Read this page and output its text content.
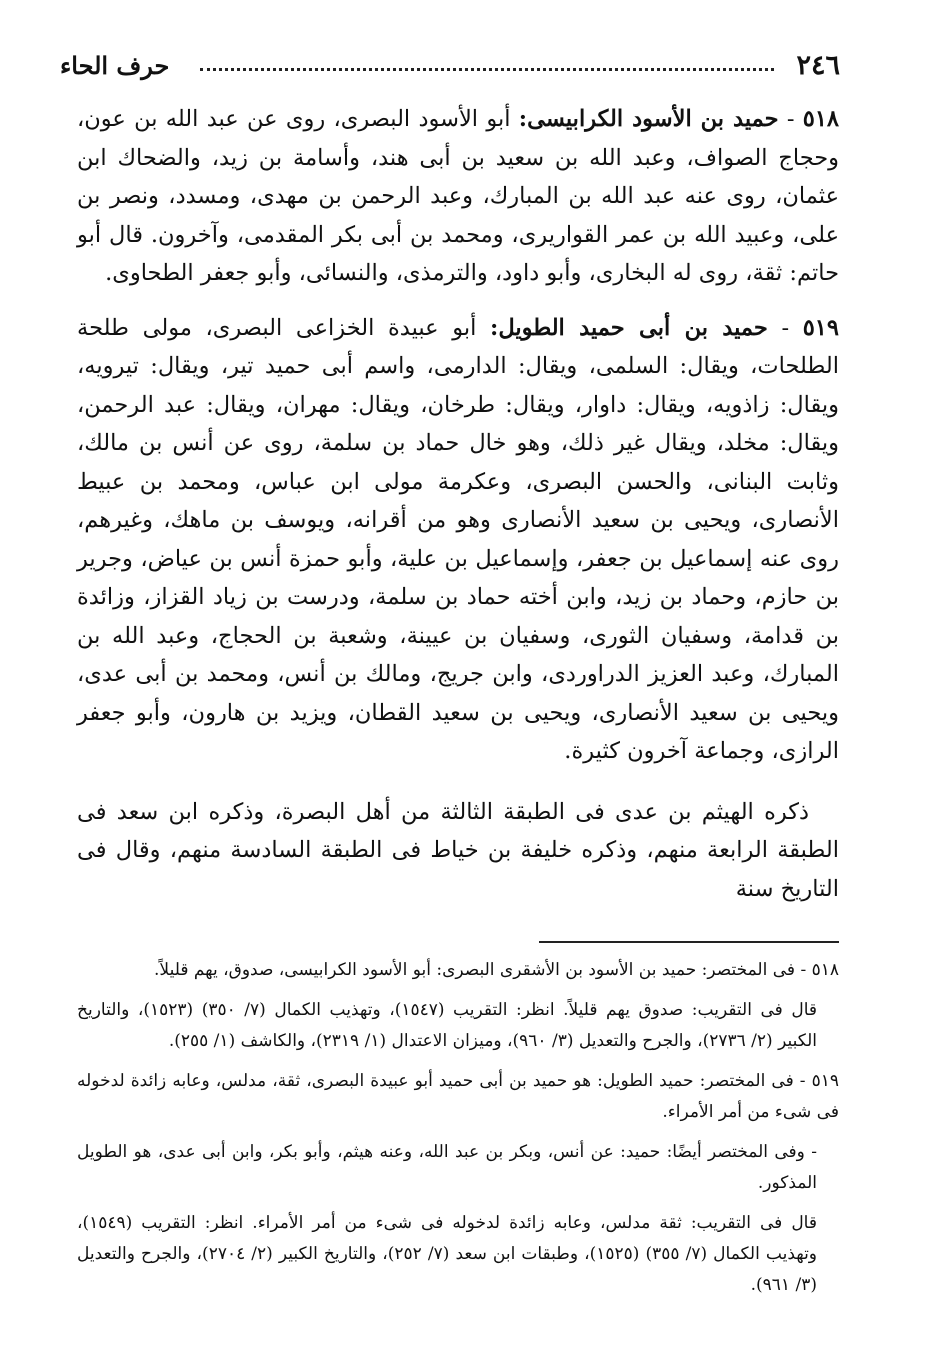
٢٤٦
حرف الحاء

٥١٨ - حميد بن الأسود الكرابيسى: أبو الأسود البصرى، روى عن عبد الله بن عون، وحجاج الصواف، وعبد الله بن سعيد بن أبى هند، وأسامة بن زيد، والضحاك ابن عثمان، روى عنه عبد الله بن المبارك، وعبد الرحمن بن مهدى، ومسدد، ونصر بن على، وعبيد الله بن عمر القواريرى، ومحمد بن أبى بكر المقدمى، وآخرون. قال أبو حاتم: ثقة، روى له البخارى، وأبو داود، والترمذى، والنسائى، وأبو جعفر الطحاوى.

٥١٩ - حميد بن أبى حميد الطويل: أبو عبيدة الخزاعى البصرى، مولى طلحة الطلحات، ويقال: السلمى، ويقال: الدارمى، واسم أبى حميد تير، ويقال: تيرويه، ويقال: زاذويه، ويقال: داوار، ويقال: طرخان، ويقال: مهران، ويقال: عبد الرحمن، ويقال: مخلد، ويقال غير ذلك، وهو خال حماد بن سلمة، روى عن أنس بن مالك، وثابت البنانى، والحسن البصرى، وعكرمة مولى ابن عباس، ومحمد بن عبيط الأنصارى، ويحيى بن سعيد الأنصارى وهو من أقرانه، ويوسف بن ماهك، وغيرهم، روى عنه إسماعيل بن جعفر، وإسماعيل بن علية، وأبو حمزة أنس بن عياض، وجرير بن حازم، وحماد بن زيد، وابن أخته حماد بن سلمة، ودرست بن زياد القزاز، وزائدة بن قدامة، وسفيان الثورى، وسفيان بن عيينة، وشعبة بن الحجاج، وعبد الله بن المبارك، وعبد العزيز الدراوردى، وابن جريج، ومالك بن أنس، ومحمد بن أبى عدى، ويحيى بن سعيد الأنصارى، ويحيى بن سعيد القطان، ويزيد بن هارون، وأبو جعفر الرازى، وجماعة آخرون كثيرة.

ذكره الهيثم بن عدى فى الطبقة الثالثة من أهل البصرة، وذكره ابن سعد فى الطبقة الرابعة منهم، وذكره خليفة بن خياط فى الطبقة السادسة منهم، وقال فى التاريخ سنة

٥١٨ - فى المختصر: حميد بن الأسود بن الأشقرى البصرى: أبو الأسود الكرابيسى، صدوق، يهم قليلاً.

قال فى التقريب: صدوق يهم قليلاً. انظر: التقريب (١٥٤٧)، وتهذيب الكمال (٧/ ٣٥٠) (١٥٢٣)، والتاريخ الكبير (٢/ ٢٧٣٦)، والجرح والتعديل (٣/ ٩٦٠)، وميزان الاعتدال (١/ ٢٣١٩)، والكاشف (١/ ٢٥٥).

٥١٩ - فى المختصر: حميد الطويل: هو حميد بن أبى حميد أبو عبيدة البصرى، ثقة، مدلس، وعابه زائدة لدخوله فى شىء من أمر الأمراء.

- وفى المختصر أيضًا: حميد: عن أنس، وبكر بن عبد الله، وعنه هيثم، وأبو بكر، وابن أبى عدى، هو الطويل المذكور.

قال فى التقريب: ثقة مدلس، وعابه زائدة لدخوله فى شىء من أمر الأمراء. انظر: التقريب (١٥٤٩)، وتهذيب الكمال (٧/ ٣٥٥) (١٥٢٥)، وطبقات ابن سعد (٧/ ٢٥٢)، والتاريخ الكبير (٢/ ٢٧٠٤)، والجرح والتعديل (٣/ ٩٦١).
